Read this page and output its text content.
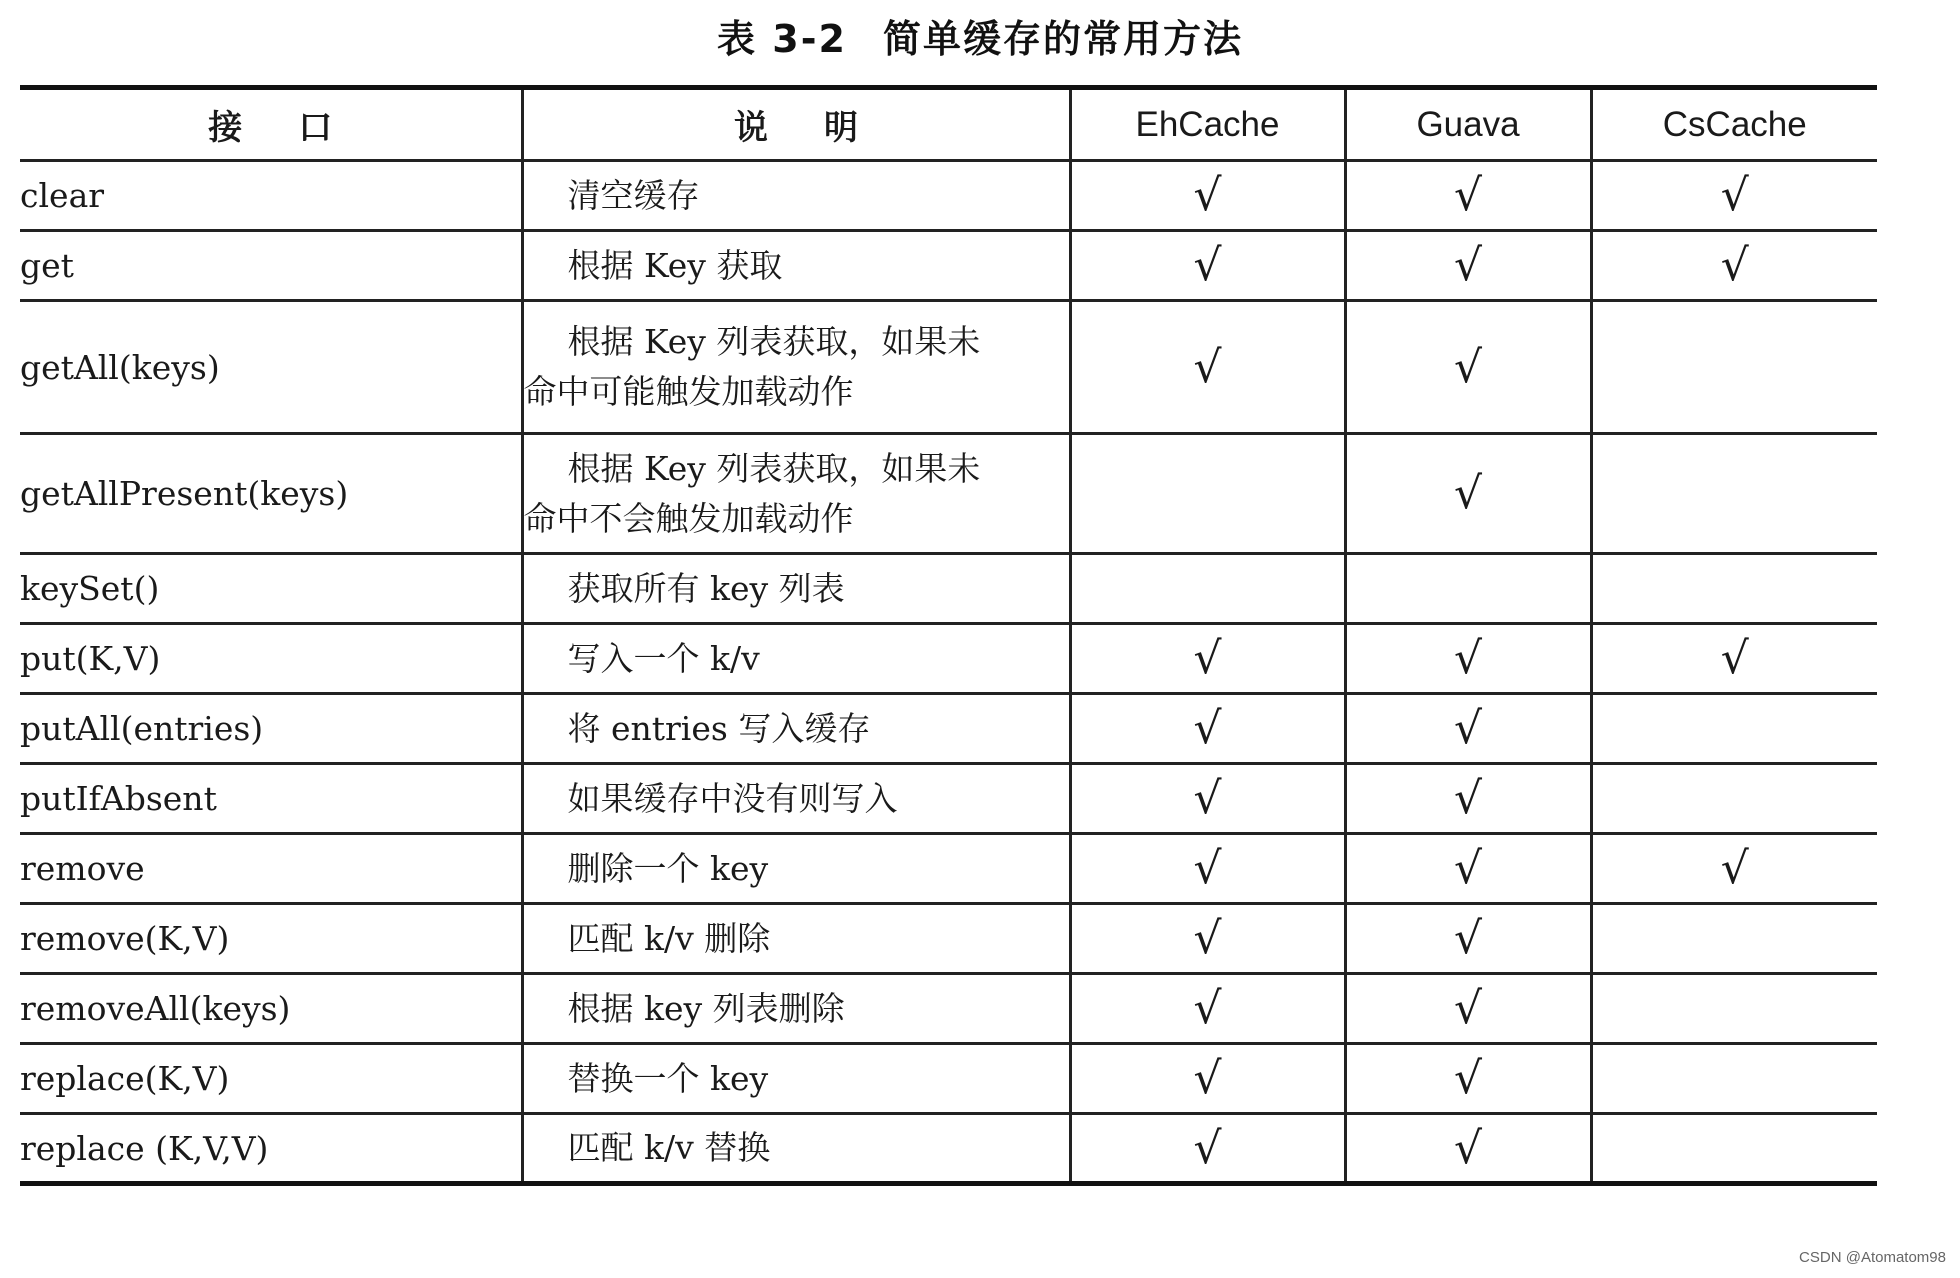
表 3-2 简单缓存的常用方法
接口	说明	EhCache	Guava	CsCache
clear	清空缓存	√	√	√
get	根据 Key 获取	√	√	√
getAll(keys)	根据 Key 列表获取，如果未
命中可能触发加载动作	√	√	
getAllPresent(keys)	根据 Key 列表获取，如果未
命中不会触发加载动作		√	
keySet()	获取所有 key 列表			

put(K,V)	写入一个 k/v	√	√	√
putAll(entries)	将 entries 写入缓存	√	√	
putIfAbsent	如果缓存中没有则写入	√	√	
remove	删除一个 key	√	√	√
remove(K,V)	匹配 k/v 删除	√	√	
removeAll(keys)	根据 key 列表删除	√	√	
replace(K,V)	替换一个 key	√	√	
replace (K,V,V)	匹配 k/v 替换	√	√	
CSDN @Atomatom98
